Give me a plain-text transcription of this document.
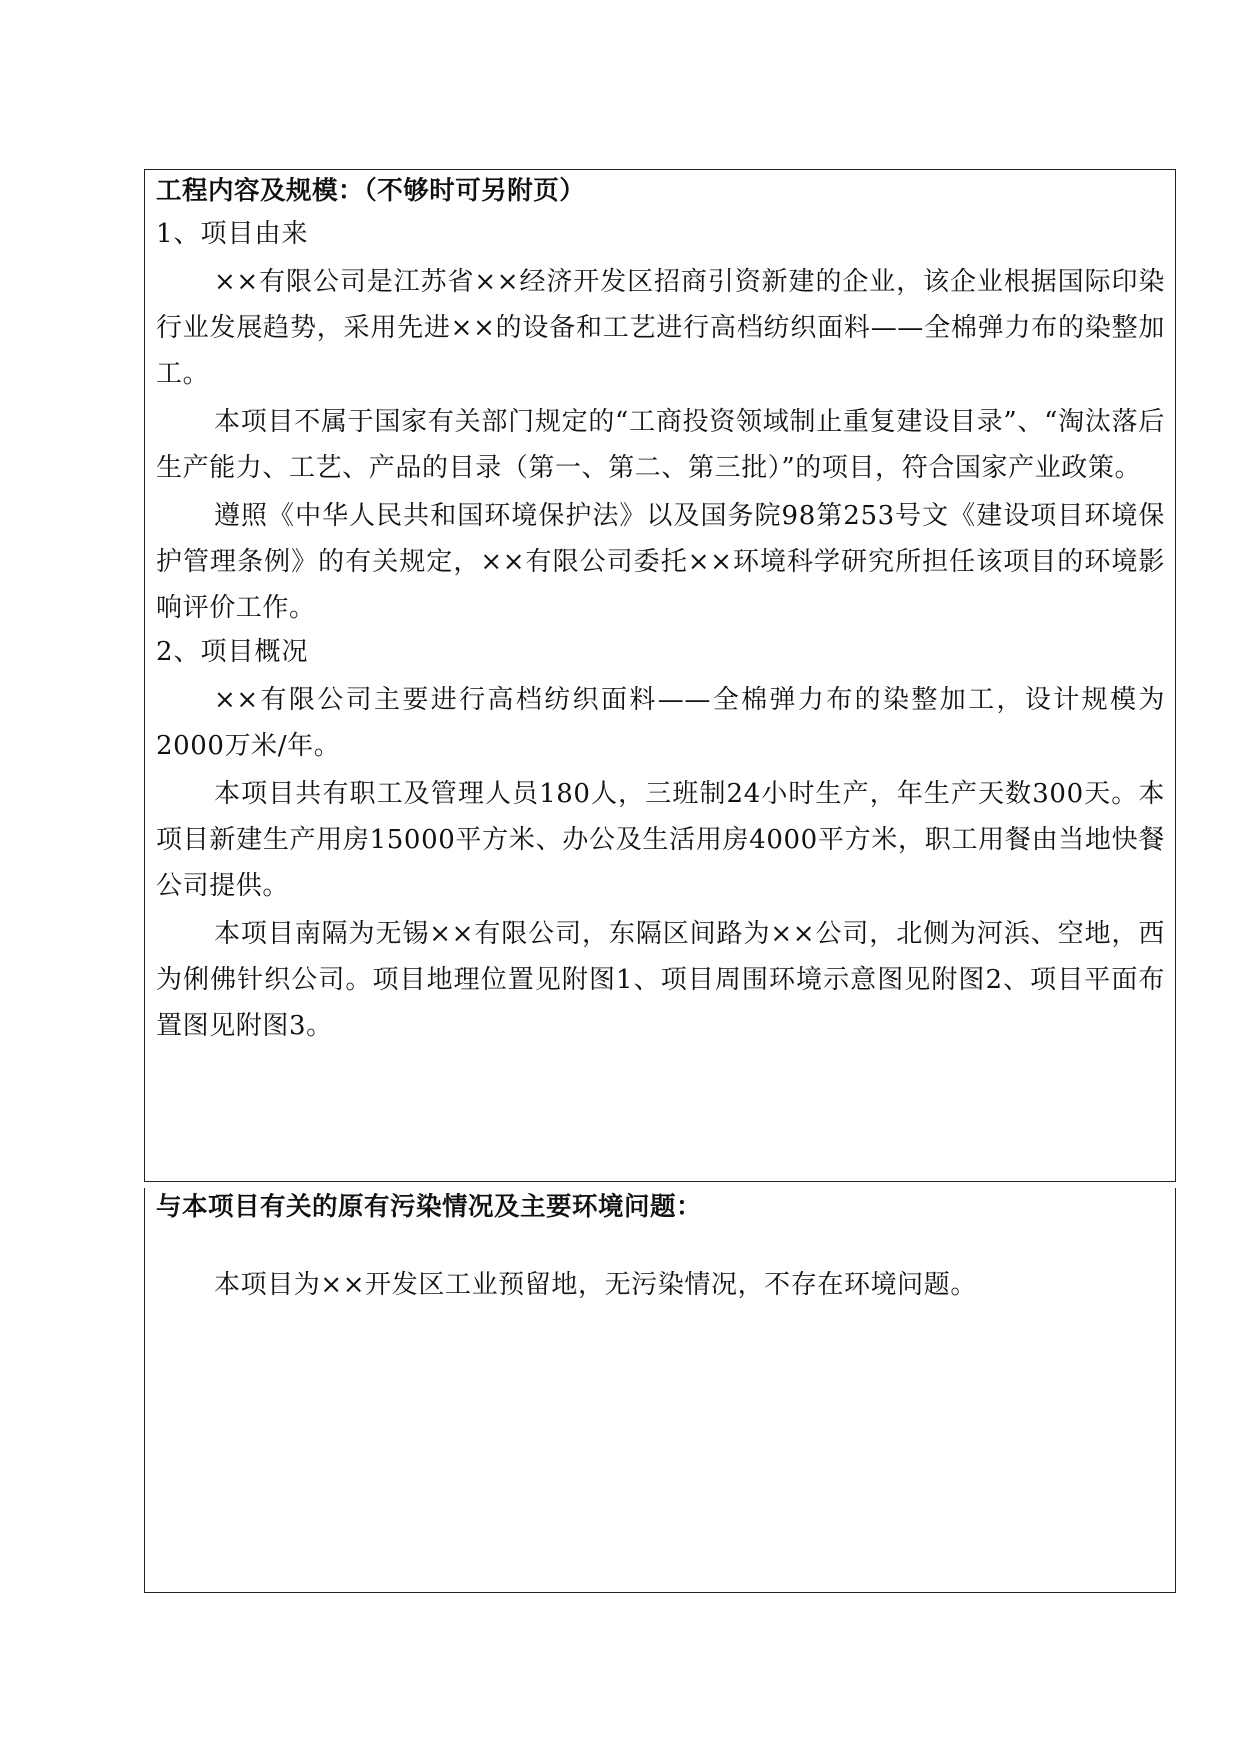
工程内容及规模：（不够时可另附页）
1、项目由来

××有限公司是江苏省××经济开发区招商引资新建的企业，该企业根据国际印染行业发展趋势，采用先进××的设备和工艺进行高档纺织面料——全棉弹力布的染整加工。

本项目不属于国家有关部门规定的“工商投资领域制止重复建设目录”、“淘汰落后生产能力、工艺、产品的目录（第一、第二、第三批）”的项目，符合国家产业政策。

遵照《中华人民共和国环境保护法》以及国务院98第253号文《建设项目环境保护管理条例》的有关规定，××有限公司委托××环境科学研究所担任该项目的环境影响评价工作。

2、项目概况

××有限公司主要进行高档纺织面料——全棉弹力布的染整加工，设计规模为2000万米/年。

本项目共有职工及管理人员180人，三班制24小时生产，年生产天数300天。本项目新建生产用房15000平方米、办公及生活用房4000平方米，职工用餐由当地快餐公司提供。

本项目南隔为无锡××有限公司，东隔区间路为××公司，北侧为河浜、空地，西为俐佛针织公司。项目地理位置见附图1、项目周围环境示意图见附图2、项目平面布置图见附图3。

与本项目有关的原有污染情况及主要环境问题：

本项目为××开发区工业预留地，无污染情况，不存在环境问题。
